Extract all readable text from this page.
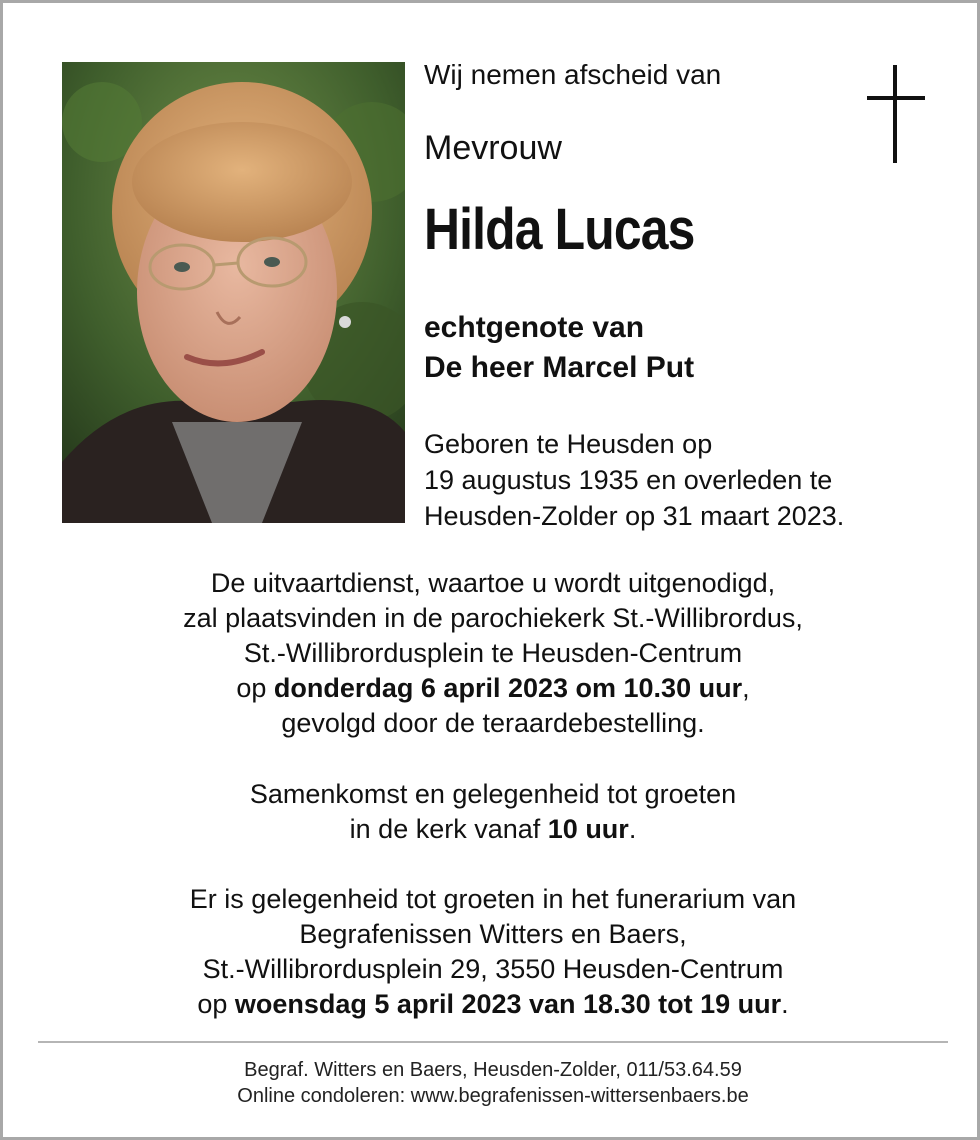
Wij nemen afscheid van
Mevrouw
Hilda Lucas
echtgenote van
De heer Marcel Put
Geboren te Heusden op
19 augustus 1935 en overleden te
Heusden-Zolder op 31 maart 2023.
De uitvaartdienst, waartoe u wordt uitgenodigd,
zal plaatsvinden in de parochiekerk St.-Willibrordus,
St.-Willibrordusplein te Heusden-Centrum
op donderdag 6 april 2023 om 10.30 uur,
gevolgd door de teraardebestelling.
Samenkomst en gelegenheid tot groeten
in de kerk vanaf 10 uur.
Er is gelegenheid tot groeten in het funerarium van
Begrafenissen Witters en Baers,
St.-Willibrordusplein 29, 3550 Heusden-Centrum
op woensdag 5 april 2023 van 18.30 tot 19 uur.
Begraf. Witters en Baers, Heusden-Zolder, 011/53.64.59
Online condoleren: www.begrafenissen-wittersenbaers.be
